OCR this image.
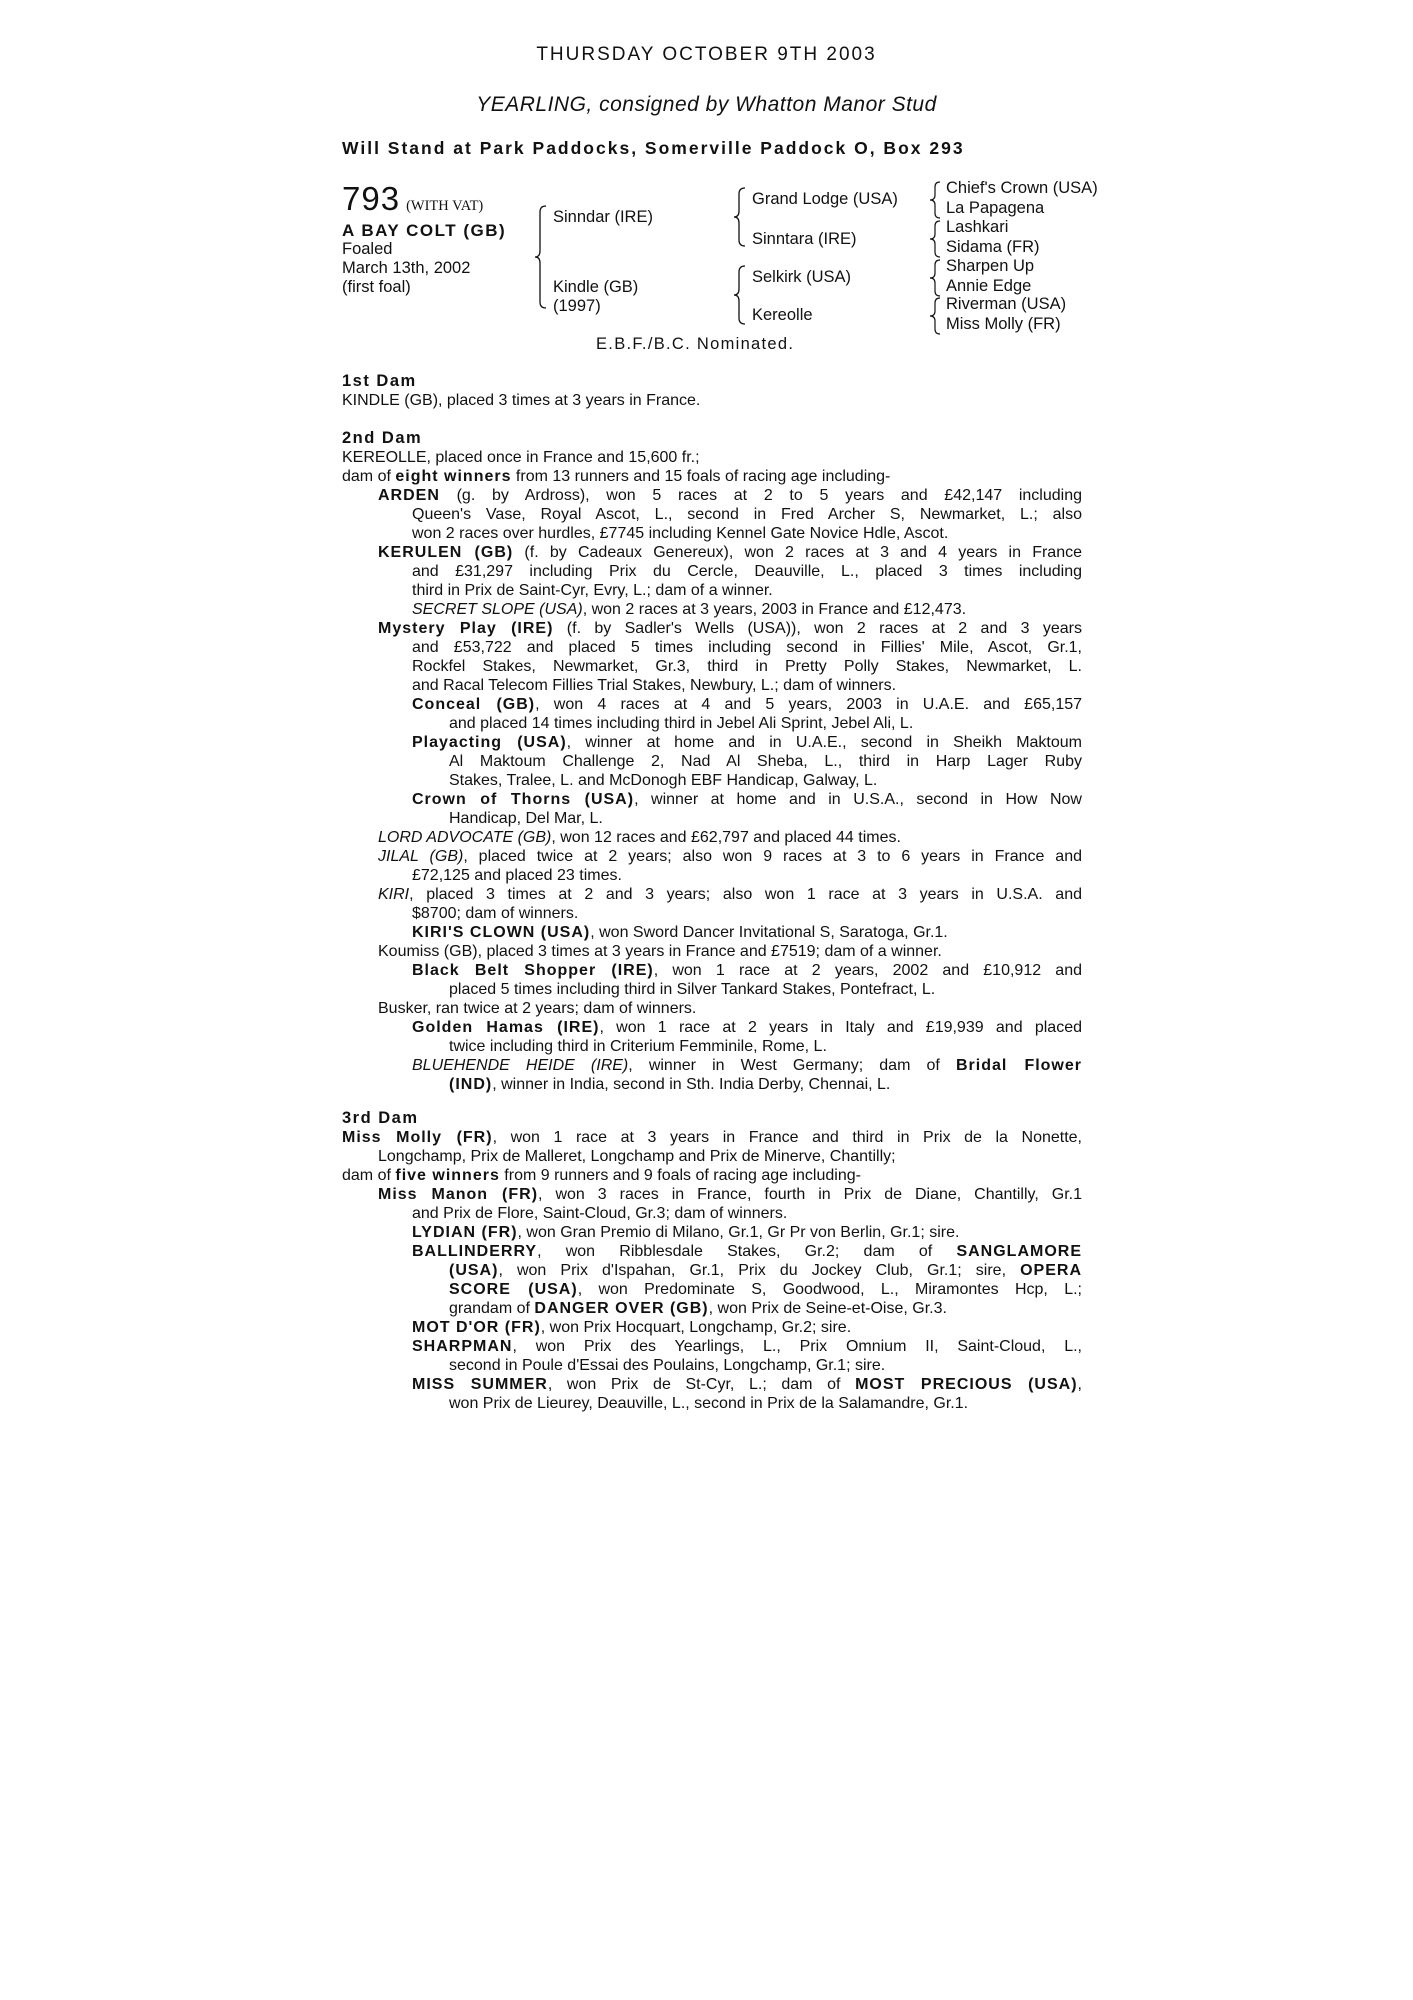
THURSDAY OCTOBER 9TH 2003
YEARLING, consigned by Whatton Manor Stud
Will Stand at Park Paddocks, Somerville Paddock O, Box 293
793 (WITH VAT)
A BAY COLT (GB)
Foaled
March 13th, 2002
(first foal)
Sinndar (IRE)
Kindle (GB)
(1997)
Grand Lodge (USA)
Sinntara (IRE)
Selkirk (USA)
Kereolle
Chief's Crown (USA)
La Papagena
Lashkari
Sidama (FR)
Sharpen Up
Annie Edge
Riverman (USA)
Miss Molly (FR)
E.B.F./B.C. Nominated.
1st Dam
KINDLE (GB), placed 3 times at 3 years in France.
2nd Dam
KEREOLLE, placed once in France and 15,600 fr.;
dam of eight winners from 13 runners and 15 foals of racing age including-
ARDEN (g. by Ardross), won 5 races at 2 to 5 years and £42,147 including
Queen's Vase, Royal Ascot, L., second in Fred Archer S, Newmarket, L.; also
won 2 races over hurdles, £7745 including Kennel Gate Novice Hdle, Ascot.
KERULEN (GB) (f. by Cadeaux Genereux), won 2 races at 3 and 4 years in France
and £31,297 including Prix du Cercle, Deauville, L., placed 3 times including
third in Prix de Saint-Cyr, Evry, L.; dam of a winner.
SECRET SLOPE (USA), won 2 races at 3 years, 2003 in France and £12,473.
Mystery Play (IRE) (f. by Sadler's Wells (USA)), won 2 races at 2 and 3 years
and £53,722 and placed 5 times including second in Fillies' Mile, Ascot, Gr.1,
Rockfel Stakes, Newmarket, Gr.3, third in Pretty Polly Stakes, Newmarket, L.
and Racal Telecom Fillies Trial Stakes, Newbury, L.; dam of winners.
Conceal (GB), won 4 races at 4 and 5 years, 2003 in U.A.E. and £65,157
and placed 14 times including third in Jebel Ali Sprint, Jebel Ali, L.
Playacting (USA), winner at home and in U.A.E., second in Sheikh Maktoum
Al Maktoum Challenge 2, Nad Al Sheba, L., third in Harp Lager Ruby
Stakes, Tralee, L. and McDonogh EBF Handicap, Galway, L.
Crown of Thorns (USA), winner at home and in U.S.A., second in How Now
Handicap, Del Mar, L.
LORD ADVOCATE (GB), won 12 races and £62,797 and placed 44 times.
JILAL (GB), placed twice at 2 years; also won 9 races at 3 to 6 years in France and
£72,125 and placed 23 times.
KIRI, placed 3 times at 2 and 3 years; also won 1 race at 3 years in U.S.A. and
$8700; dam of winners.
KIRI'S CLOWN (USA), won Sword Dancer Invitational S, Saratoga, Gr.1.
Koumiss (GB), placed 3 times at 3 years in France and £7519; dam of a winner.
Black Belt Shopper (IRE), won 1 race at 2 years, 2002 and £10,912 and
placed 5 times including third in Silver Tankard Stakes, Pontefract, L.
Busker, ran twice at 2 years; dam of winners.
Golden Hamas (IRE), won 1 race at 2 years in Italy and £19,939 and placed
twice including third in Criterium Femminile, Rome, L.
BLUEHENDE HEIDE (IRE), winner in West Germany; dam of Bridal Flower
(IND), winner in India, second in Sth. India Derby, Chennai, L.
3rd Dam
Miss Molly (FR), won 1 race at 3 years in France and third in Prix de la Nonette,
Longchamp, Prix de Malleret, Longchamp and Prix de Minerve, Chantilly;
dam of five winners from 9 runners and 9 foals of racing age including-
Miss Manon (FR), won 3 races in France, fourth in Prix de Diane, Chantilly, Gr.1
and Prix de Flore, Saint-Cloud, Gr.3; dam of winners.
LYDIAN (FR), won Gran Premio di Milano, Gr.1, Gr Pr von Berlin, Gr.1; sire.
BALLINDERRY, won Ribblesdale Stakes, Gr.2; dam of SANGLAMORE
(USA), won Prix d'Ispahan, Gr.1, Prix du Jockey Club, Gr.1; sire, OPERA
SCORE (USA), won Predominate S, Goodwood, L., Miramontes Hcp, L.;
grandam of DANGER OVER (GB), won Prix de Seine-et-Oise, Gr.3.
MOT D'OR (FR), won Prix Hocquart, Longchamp, Gr.2; sire.
SHARPMAN, won Prix des Yearlings, L., Prix Omnium II, Saint-Cloud, L.,
second in Poule d'Essai des Poulains, Longchamp, Gr.1; sire.
MISS SUMMER, won Prix de St-Cyr, L.; dam of MOST PRECIOUS (USA),
won Prix de Lieurey, Deauville, L., second in Prix de la Salamandre, Gr.1.
